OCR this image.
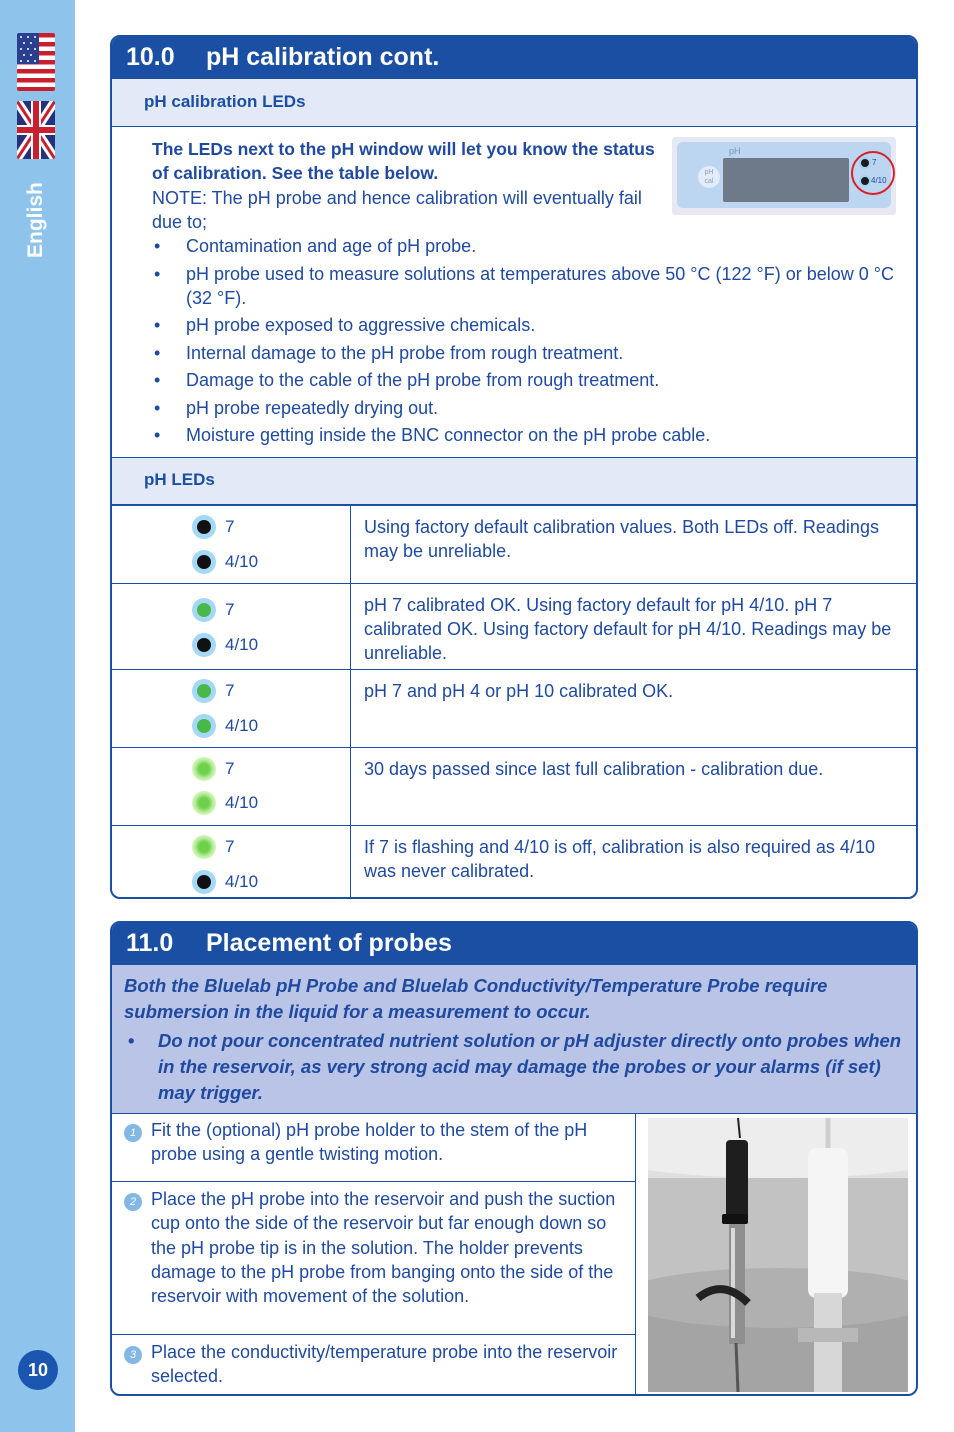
English
10
10.0 pH calibration cont.
pH calibration LEDs
The LEDs next to the pH window will let you know the status of calibration. See the table below.
NOTE: The pH probe and hence calibration will eventually fail due to;
pH
pH
cal
7
4/10
• Contamination and age of pH probe.
• pH probe used to measure solutions at temperatures above 50 °C (122 °F) or below 0 °C (32 °F).
• pH probe exposed to aggressive chemicals.
• Internal damage to the pH probe from rough treatment.
• Damage to the cable of the pH probe from rough treatment.
• pH probe repeatedly drying out.
• Moisture getting inside the BNC connector on the pH probe cable.
pH LEDs
7
4/10	Using factory default calibration values. Both LEDs off. Readings may be unreliable.

7
4/10	pH 7 calibrated OK. Using factory default for pH 4/10. pH 7 calibrated OK. Using factory default for pH 4/10. Readings may be unreliable.

7
4/10	pH 7 and pH 4 or pH 10 calibrated OK.

7
4/10	30 days passed since last full calibration - calibration due.

7
4/10	If 7 is flashing and 4/10 is off, calibration is also required as 4/10 was never calibrated.
11.0 Placement of probes
Both the Bluelab pH Probe and Bluelab Conductivity/Temperature Probe require submersion in the liquid for a measurement to occur.
• Do not pour concentrated nutrient solution or pH adjuster directly onto probes when in the reservoir, as very strong acid may damage the probes or your alarms (if set) may trigger.
1 Fit the (optional) pH probe holder to the stem of the pH probe using a gentle twisting motion.
2 Place the pH probe into the reservoir and push the suction cup onto the side of the reservoir but far enough down so the pH probe tip is in the solution. The holder prevents damage to the pH probe from banging onto the side of the reservoir with movement of the solution.
3 Place the conductivity/temperature probe into the reservoir selected.
